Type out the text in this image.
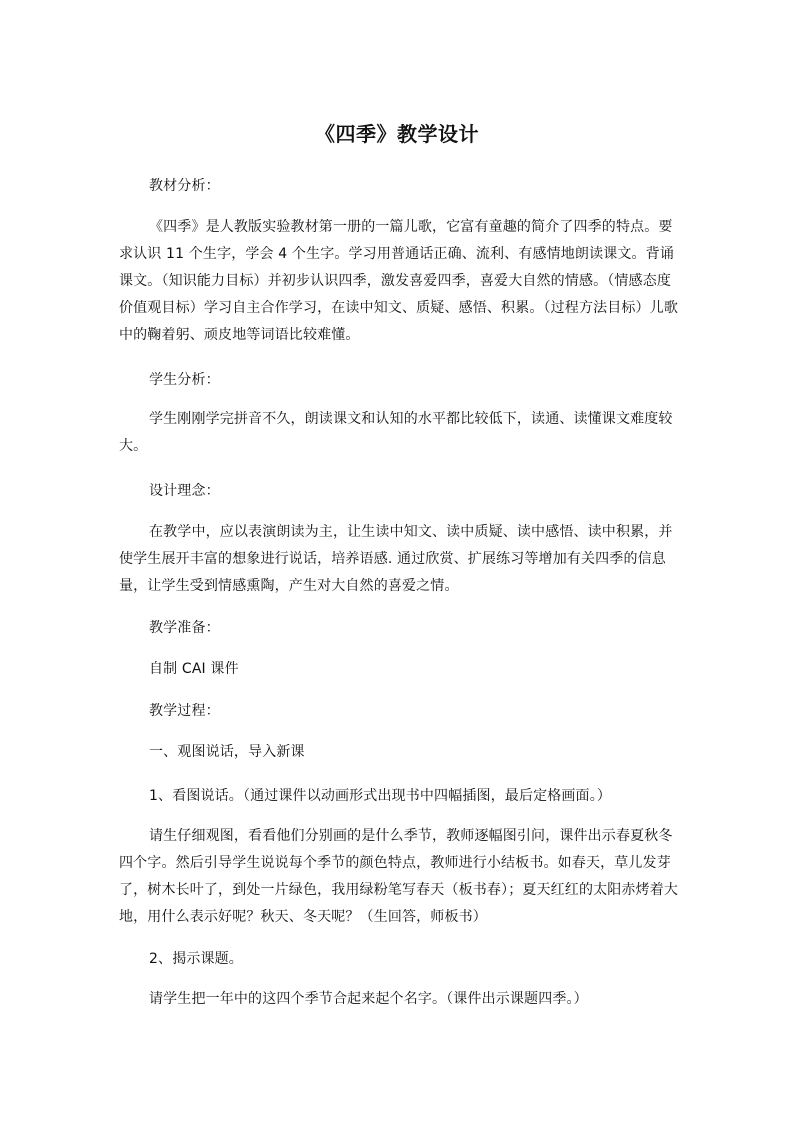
《四季》教学设计

教材分析：

《四季》是人教版实验教材第一册的一篇儿歌，它富有童趣的简介了四季的特点。要求认识 11 个生字，学会 4 个生字。学习用普通话正确、流利、有感情地朗读课文。背诵课文。（知识能力目标）并初步认识四季，激发喜爱四季，喜爱大自然的情感。（情感态度价值观目标）学习自主合作学习，在读中知文、质疑、感悟、积累。（过程方法目标）儿歌中的鞠着躬、顽皮地等词语比较难懂。

学生分析：

学生刚刚学完拼音不久，朗读课文和认知的水平都比较低下，读通、读懂课文难度较大。

设计理念：

在教学中，应以表演朗读为主，让生读中知文、读中质疑、读中感悟、读中积累，并使学生展开丰富的想象进行说话，培养语感. 通过欣赏、扩展练习等增加有关四季的信息量，让学生受到情感熏陶，产生对大自然的喜爱之情。

教学准备：

自制 CAI 课件

教学过程：

一、观图说话，导入新课

1、看图说话。（通过课件以动画形式出现书中四幅插图，最后定格画面。）

请生仔细观图，看看他们分别画的是什么季节，教师逐幅图引问，课件出示春夏秋冬四个字。然后引导学生说说每个季节的颜色特点，教师进行小结板书。如春天，草儿发芽了，树木长叶了，到处一片绿色，我用绿粉笔写春天（板书春）；夏天红红的太阳赤烤着大地，用什么表示好呢？秋天、冬天呢？（生回答，师板书）

2、揭示课题。

请学生把一年中的这四个季节合起来起个名字。（课件出示课题四季。）
